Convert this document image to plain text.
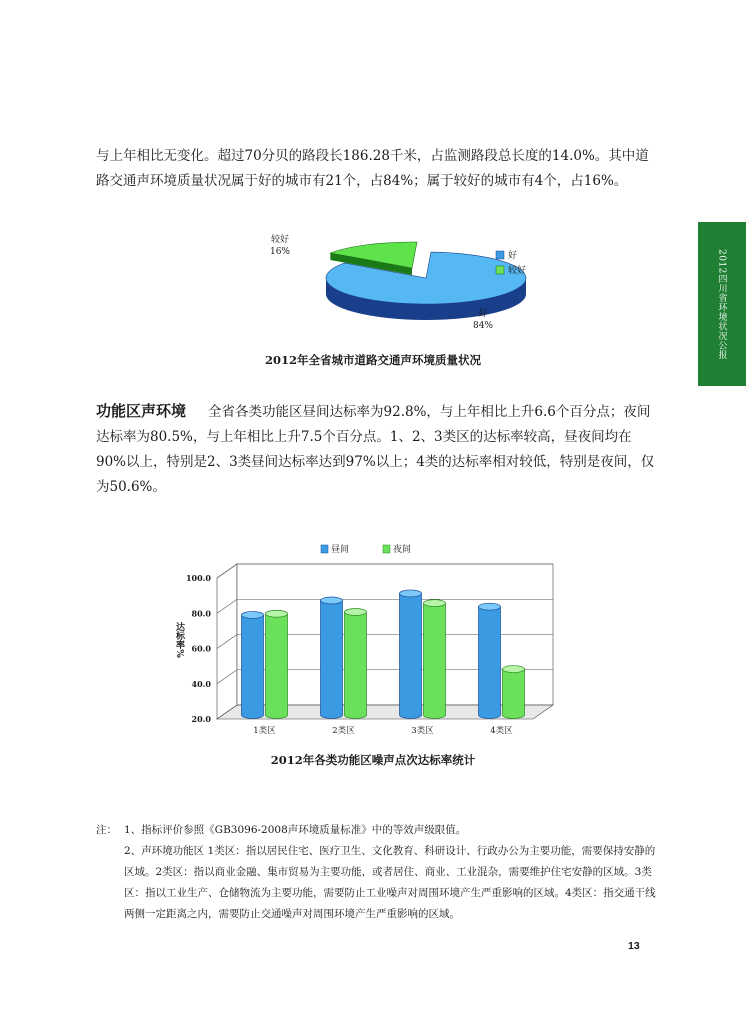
2012四川省环境状况公报

与上年相比无变化。超过70分贝的路段长186.28千米，占监测路段总长度的14.0%。其中道路交通声环境质量状况属于好的城市有21个，占84%；属于较好的城市有4个，占16%。

较好
16%
好
84%
好
较好

2012年全省城市道路交通声环境质量状况

功能区声环境 全省各类功能区昼间达标率为92.8%，与上年相比上升6.6个百分点；夜间达标率为80.5%，与上年相比上升7.5个百分点。1、2、3类区的达标率较高，昼夜间均在90%以上，特别是2、3类昼间达标率达到97%以上；4类的达标率相对较低，特别是夜间，仅为50.6%。

20.0
40.0
60.0
80.0
100.0
达标率%
1类区	2类区	3类区	4类区
昼间	夜间

2012年各类功能区噪声点次达标率统计

注： 1、指标评价参照《GB3096-2008声环境质量标准》中的等效声级限值。
2、声环境功能区 1类区：指以居民住宅、医疗卫生、文化教育、科研设计、行政办公为主要功能，需要保持安静的区域。2类区：指以商业金融、集市贸易为主要功能，或者居住、商业、工业混杂，需要维护住宅安静的区域。3类区：指以工业生产、仓储物流为主要功能，需要防止工业噪声对周围环境产生严重影响的区域。4类区：指交通干线两侧一定距离之内，需要防止交通噪声对周围环境产生严重影响的区域。
13
